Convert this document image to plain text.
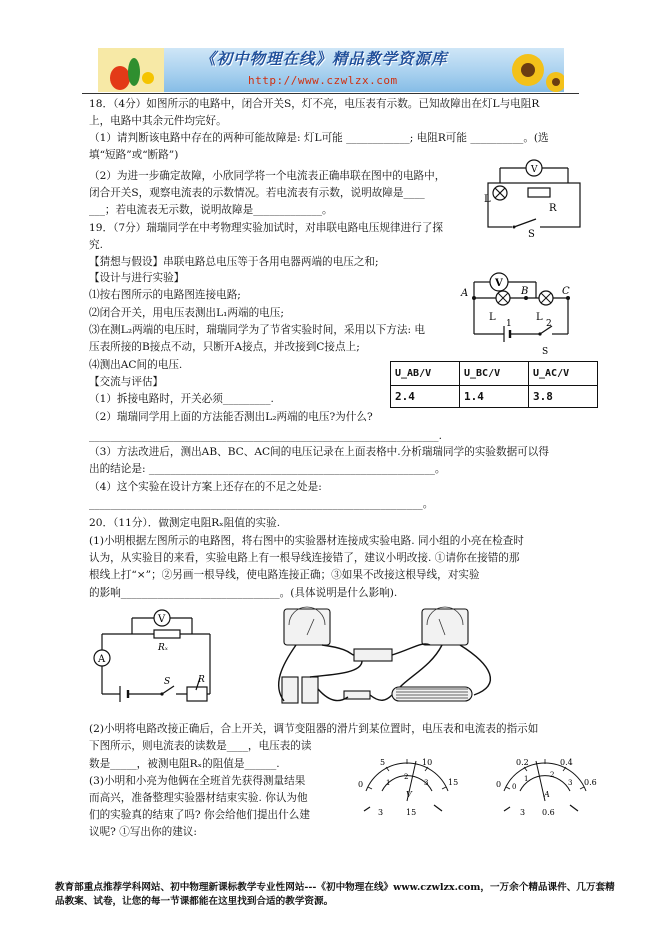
《初中物理在线》精品教学资源库
http://www.czwlzx.com
18．（4分）如图所示的电路中，闭合开关S，灯不亮，电压表有示数。已知故障出在灯L与电阻R
上，电路中其余元件均完好。
（1）请判断该电路中存在的两种可能故障是: 灯L可能 ____________; 电阻R可能 __________。(选
填“短路”或“断路”)
（2）为进一步确定故障，小欣同学将一个电流表正确串联在图中的电路中，
闭合开关S，观察电流表的示数情况。若电流表有示数，说明故障是____
___；若电流表无示数，说明故障是_____________。
V
L
R
S
19．（7分）瑞瑞同学在中考物理实验加试时，对串联电路电压规律进行了探
究.
【猜想与假设】串联电路总电压等于各用电器两端的电压之和;
【设计与进行实验】
⑴按右图所示的电路图连接电路;
⑵闭合开关，用电压表测出L₁两端的电压;
⑶在测L₂两端的电压时，瑞瑞同学为了节省实验时间，采用以下方法: 电
压表所接的B接点不动，只断开A接点，并改接到C接点上;
⑷测出AC间的电压.
【交流与评估】
（1）拆接电路时，开关必须_________.
（2）瑞瑞同学用上面的方法能否测出L₂两端的电压?为什么?
__________________________________________________________________.
（3）方法改进后，测出AB、BC、AC间的电压记录在上面表格中.分析瑞瑞同学的实验数据可以得
出的结论是: ______________________________________________________。
（4）这个实验在设计方案上还存在的不足之处是:
_______________________________________________________________。
A	B	C
V
L
1
L
2
S
U_AB/V	U_BC/V	U_AC/V
2.4	1.4	3.8
20．（11分）．做测定电阻Rₓ阻值的实验.
(1)小明根据左图所示的电路图，将右图中的实验器材连接成实验电路. 同小组的小亮在检查时
认为，从实验目的来看，实验电路上有一根导线连接错了，建议小明改接. ①请你在接错的那
根线上打“×”；②另画一根导线，使电路连接正确；③如果不改接这根导线，对实验
的影响______________________________。(具体说明是什么影响).
(2)小明将电路改接正确后，合上开关，调节变阻器的滑片到某位置时，电压表和电流表的指示如
下图所示，则电流表的读数是____，电压表的读
数是_____，被测电阻Rₓ的阻值是______.
(3)小明和小亮为他俩在全班首先获得测量结果
而高兴，准备整理实验器材结束实验. 你认为他
们的实验真的结束了吗? 你会给他们提出什么建
议呢? ①写出你的建议:
A
V
Rₓ
S	R
0
5	10
15
1
2
3
V
3	15
0
0.2	0.4
0.6
0
1	2
3
A
3 0.6
教育部重点推荐学科网站、初中物理新课标教学专业性网站---《初中物理在线》www.czwlzx.com，一万余个精品课件、几万套精品教案、试卷，让您的每一节课都能在这里找到合适的教学资源。
